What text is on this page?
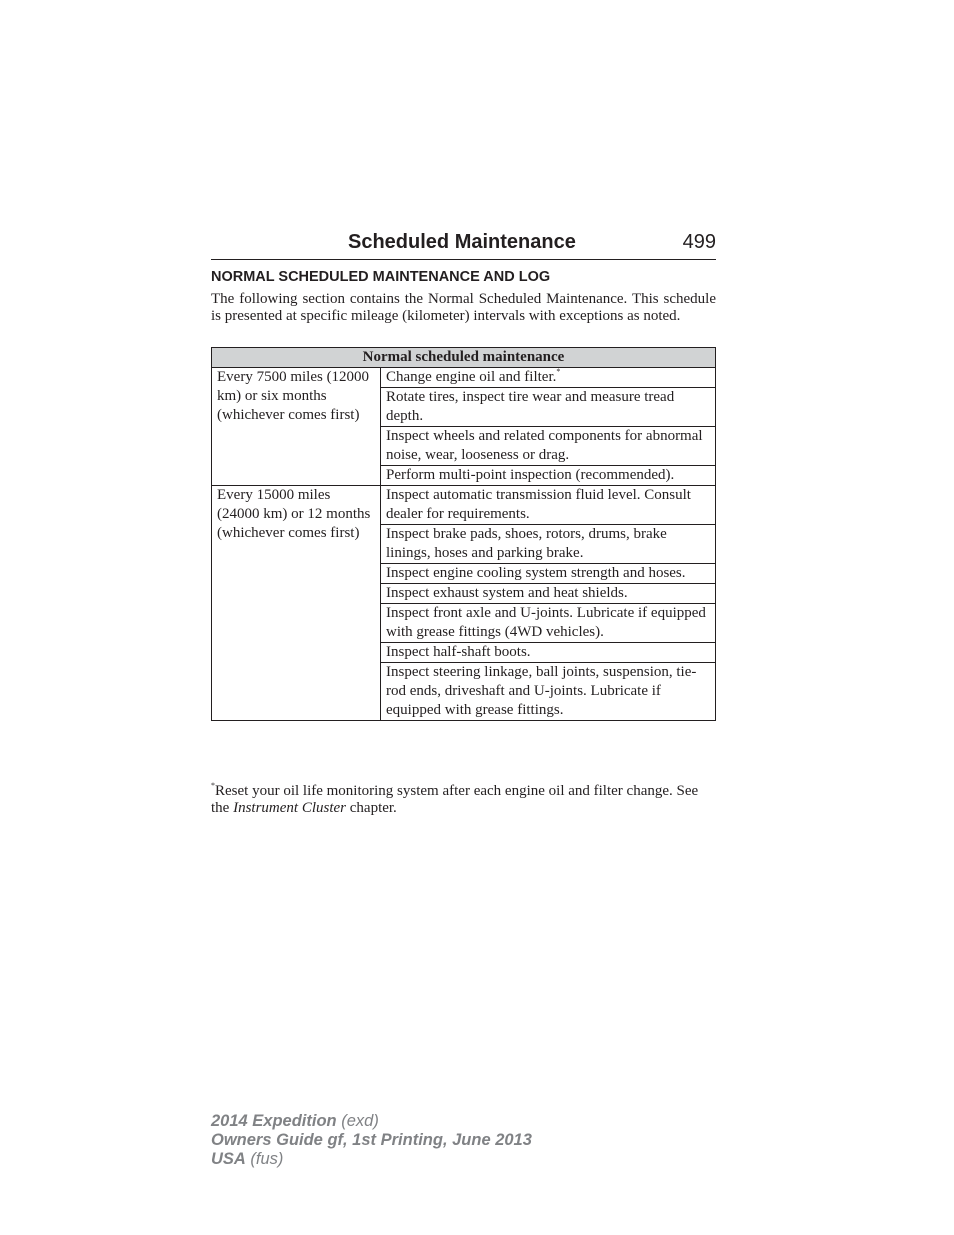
Scheduled Maintenance	499
NORMAL SCHEDULED MAINTENANCE AND LOG

The following section contains the Normal Scheduled Maintenance. This schedule is presented at specific mileage (kilometer) intervals with exceptions as noted.

Normal scheduled maintenance	
Every 7500 miles (12000 km) or six months (whichever comes first)	Change engine oil and filter.*
	Rotate tires, inspect tire wear and measure tread depth.
	Inspect wheels and related components for abnormal noise, wear, looseness or drag.
	Perform multi-point inspection (recommended).
Every 15000 miles (24000 km) or 12 months (whichever comes first)	Inspect automatic transmission fluid level. Consult dealer for requirements.
	Inspect brake pads, shoes, rotors, drums, brake linings, hoses and parking brake.
	Inspect engine cooling system strength and hoses.
	Inspect exhaust system and heat shields.
	Inspect front axle and U-joints. Lubricate if equipped with grease fittings (4WD vehicles).
	Inspect half-shaft boots.
	Inspect steering linkage, ball joints, suspension, tie-rod ends, driveshaft and U-joints. Lubricate if equipped with grease fittings.

*Reset your oil life monitoring system after each engine oil and filter change. See the Instrument Cluster chapter.

2014 Expedition (exd)
Owners Guide gf, 1st Printing, June 2013
USA (fus)
